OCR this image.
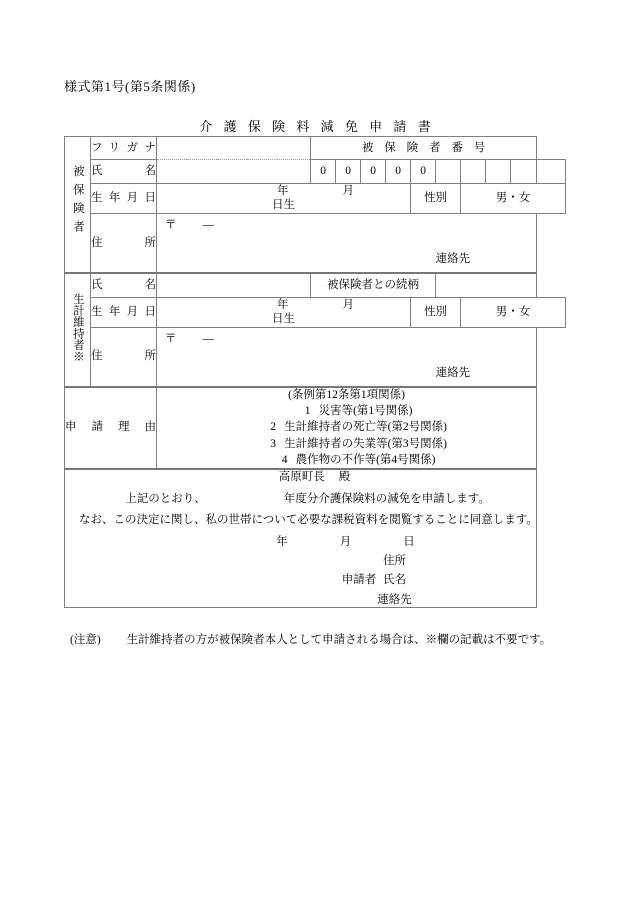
様式第1号(第5条関係)
介 護 保 険 料 減 免 申 請 書
被保険者	フリガナ		被 保 険 者 番 号									
	氏　　名		0	0	0	0	0					
	生年月日	年 月日生					性別		男・女			
	住　　所	〒 —
連絡先										

生計維持者※	氏　　名		被保険者との続柄									
	生年月日	年 月日生					性別		男・女			
	住　　所	〒 —
連絡先										

申　請　理　由		(条例第12条第1項関係)
1 災害等(第1号関係)
2 生計維持者の死亡等(第2号関係)
3 生計維持者の失業等(第3号関係)
4 農作物の不作等(第4号関係)										

高原町長 殿
上記のとおり、	年度分介護保険料の減免を申請します。
なお、この決定に関し、私の世帯について必要な課税資料を閲覧することに同意します。
年	月	日
住所
申請者 氏名
連絡先
(注意) 生計維持者の方が被保険者本人として申請される場合は、※欄の記載は不要です。
